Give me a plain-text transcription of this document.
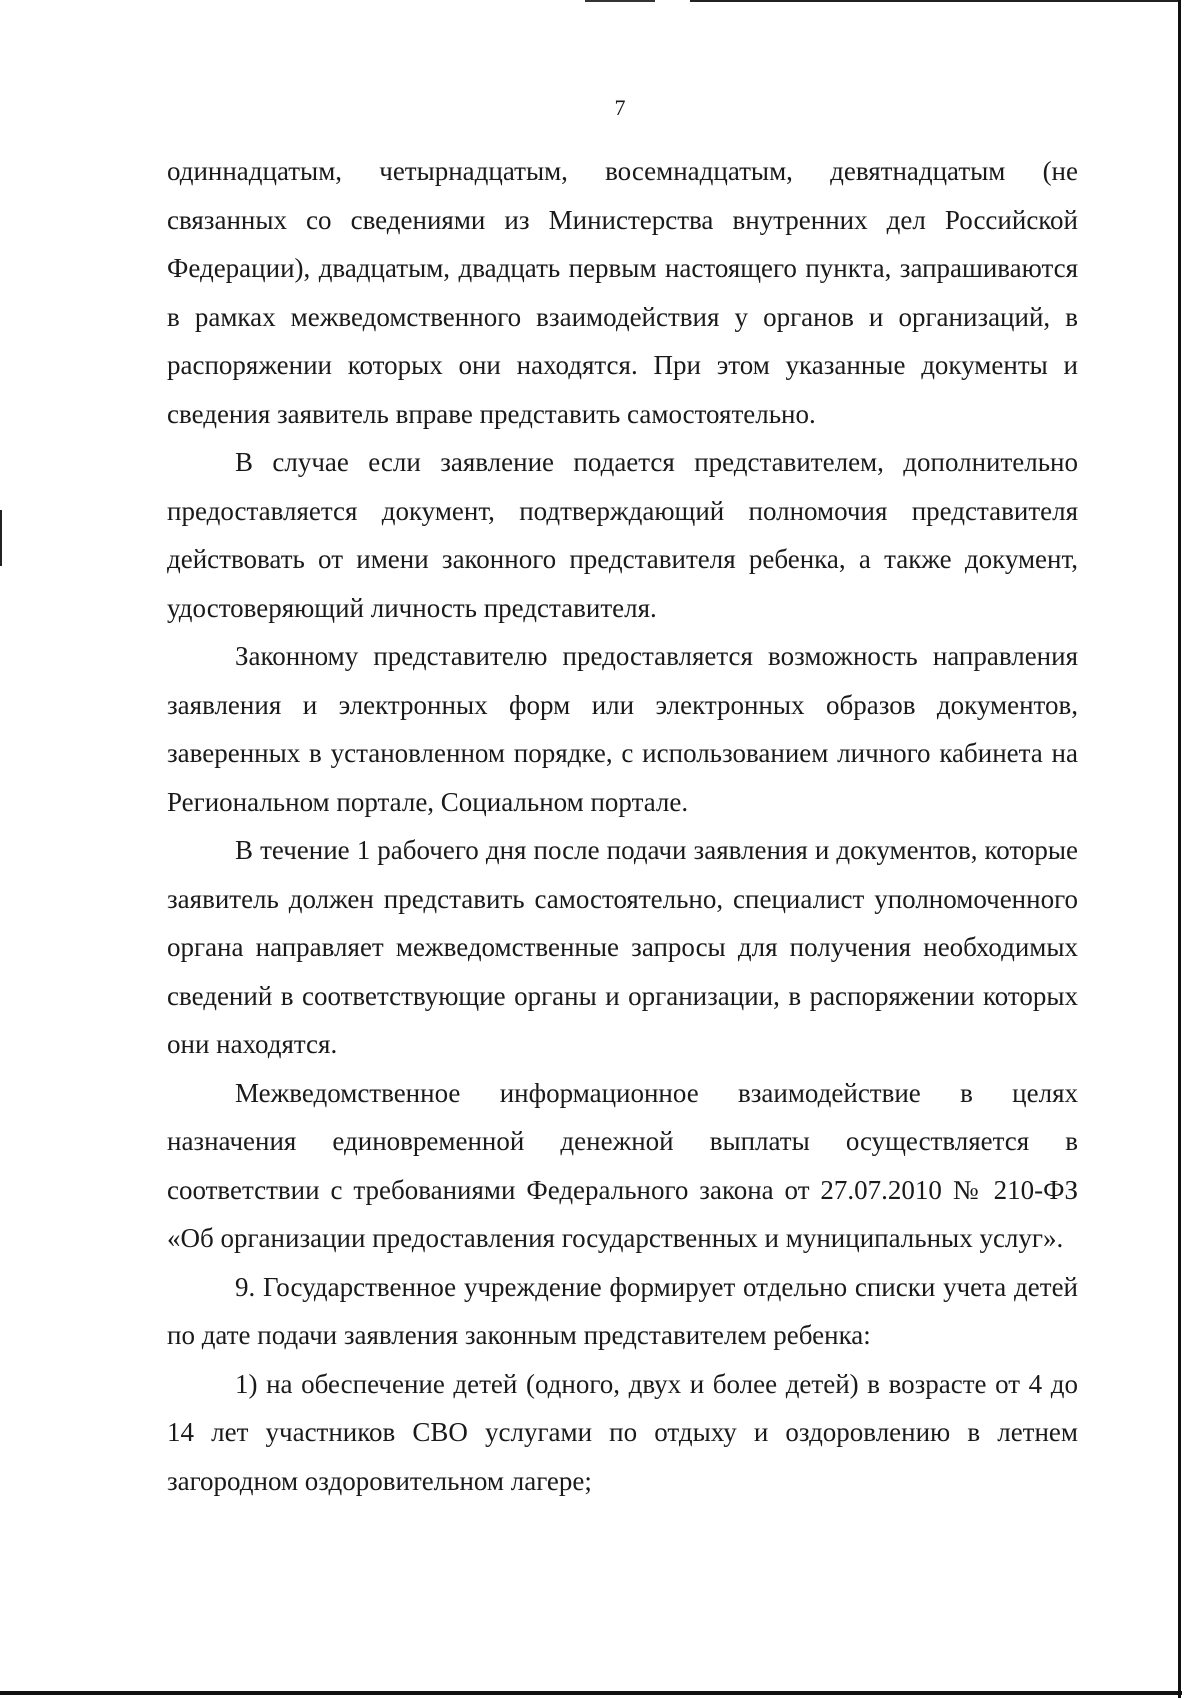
7

одиннадцатым, четырнадцатым, восемнадцатым, девятнадцатым (не связанных со сведениями из Министерства внутренних дел Российской Федерации), двадцатым, двадцать первым настоящего пункта, запрашиваются в рамках межведомственного взаимодействия у органов и организаций, в распоряжении которых они находятся. При этом указанные документы и сведения заявитель вправе представить самостоятельно.

В случае если заявление подается представителем, дополнительно предоставляется документ, подтверждающий полномочия представителя действовать от имени законного представителя ребенка, а также документ, удостоверяющий личность представителя.

Законному представителю предоставляется возможность направления заявления и электронных форм или электронных образов документов, заверенных в установленном порядке, с использованием личного кабинета на Региональном портале, Социальном портале.

В течение 1 рабочего дня после подачи заявления и документов, которые заявитель должен представить самостоятельно, специалист уполномоченного органа направляет межведомственные запросы для получения необходимых сведений в соответствующие органы и организации, в распоряжении которых они находятся.

Межведомственное информационное взаимодействие в целях назначения единовременной денежной выплаты осуществляется в соответствии с требованиями Федерального закона от 27.07.2010 № 210-ФЗ «Об организации предоставления государственных и муниципальных услуг».

9. Государственное учреждение формирует отдельно списки учета детей по дате подачи заявления законным представителем ребенка:

1) на обеспечение детей (одного, двух и более детей) в возрасте от 4 до 14 лет участников СВО услугами по отдыху и оздоровлению в летнем загородном оздоровительном лагере;
